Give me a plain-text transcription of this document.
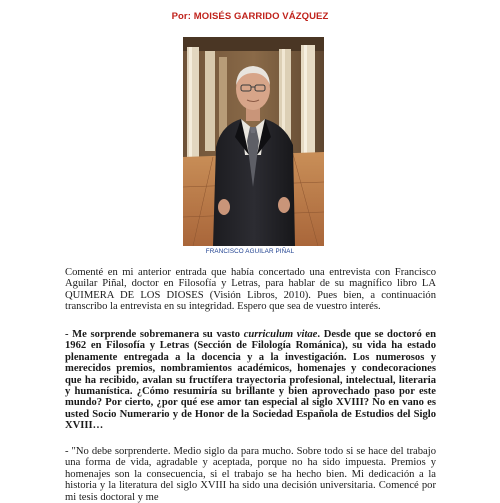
Por: MOISÉS GARRIDO VÁZQUEZ
FRANCISCO AGUILAR PIÑAL

Comenté en mi anterior entrada que había concertado una entrevista con Francisco Aguilar Piñal, doctor en Filosofía y Letras, para hablar de su magnífico libro LA QUIMERA DE LOS DIOSES (Visión Libros, 2010). Pues bien, a continuación transcribo la entrevista en su integridad. Espero que sea de vuestro interés.

- Me sorprende sobremanera su vasto curriculum vitae. Desde que se doctoró en 1962 en Filosofía y Letras (Sección de Filología Románica), su vida ha estado plenamente entregada a la docencia y a la investigación. Los numerosos y merecidos premios, nombramientos académicos, homenajes y condecoraciones que ha recibido, avalan su fructífera trayectoria profesional, intelectual, literaria y humanística. ¿Cómo resumiría su brillante y bien aprovechado paso por este mundo? Por cierto, ¿por qué ese amor tan especial al siglo XVIII? No en vano es usted Socio Numerario y de Honor de la Sociedad Española de Estudios del Siglo XVIII…

- "No debe sorprenderte. Medio siglo da para mucho. Sobre todo si se hace del trabajo una forma de vida, agradable y aceptada, porque no ha sido impuesta. Premios y homenajes son la consecuencia, si el trabajo se ha hecho bien. Mi dedicación a la historia y la literatura del siglo XVIII ha sido una decisión universitaria. Comencé por mi tesis doctoral y me
